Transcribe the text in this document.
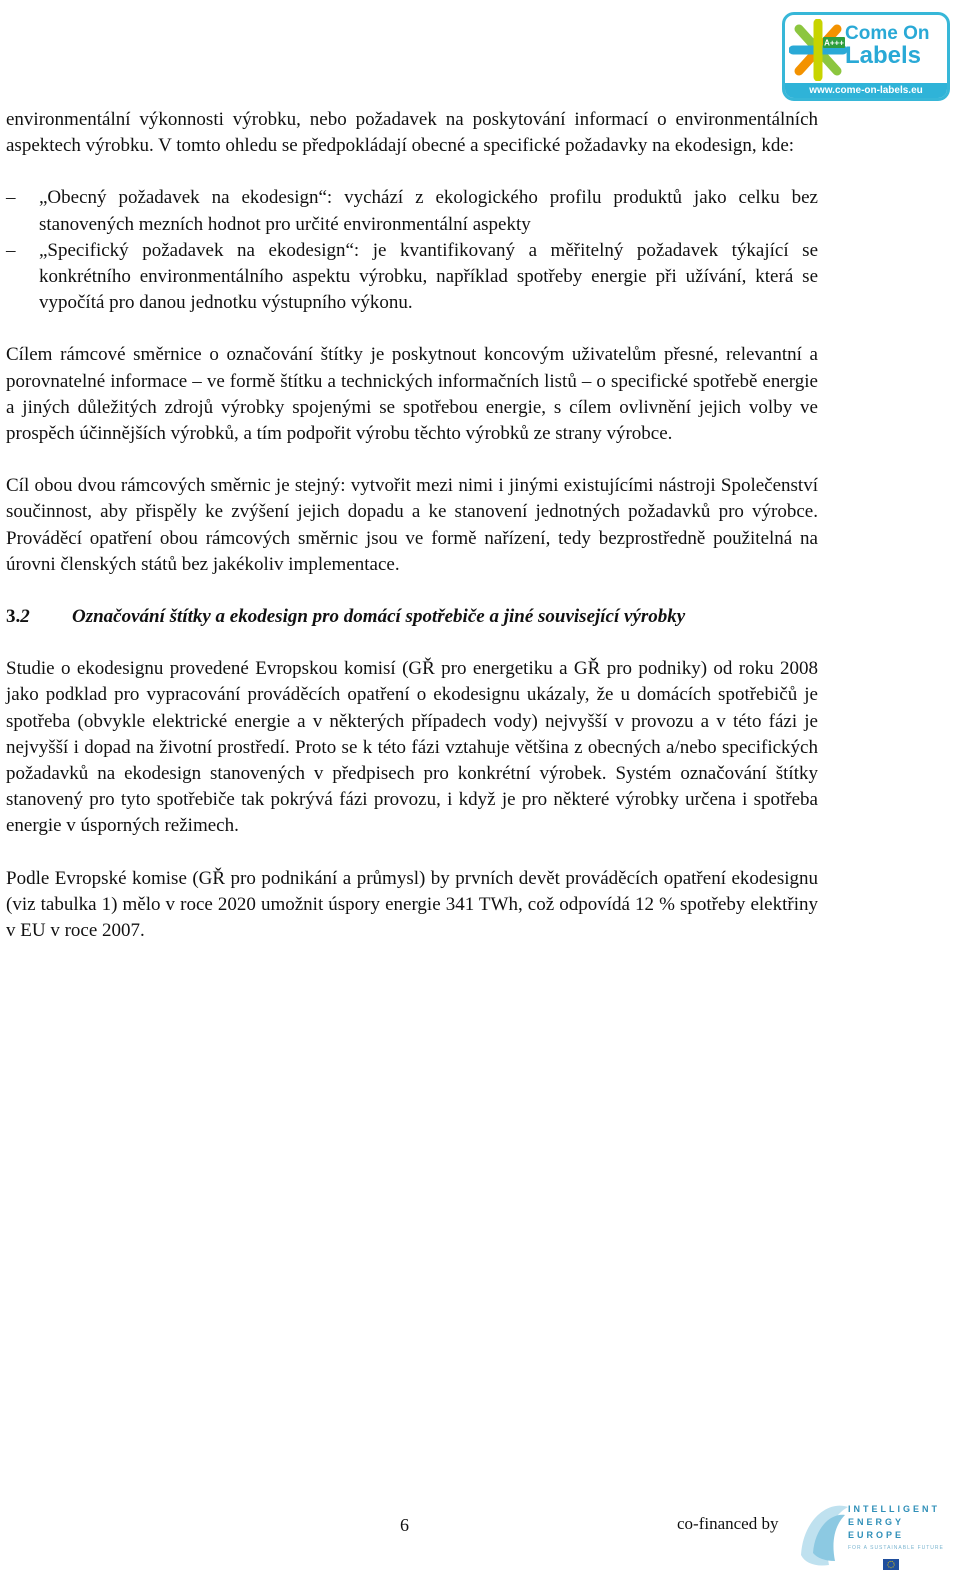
A+++ Come On
Labels
www.come-on-labels.eu

environmentální výkonnosti výrobku, nebo požadavek na poskytování informací o environmentálních aspektech výrobku. V tomto ohledu se předpokládají obecné a specifické požadavky na ekodesign, kde:

– „Obecný požadavek na ekodesign“: vychází z ekologického profilu produktů jako celku bez stanovených mezních hodnot pro určité environmentální aspekty
– „Specifický požadavek na ekodesign“: je kvantifikovaný a měřitelný požadavek týkající se konkrétního environmentálního aspektu výrobku, například spotřeby energie při užívání, která se vypočítá pro danou jednotku výstupního výkonu.

Cílem rámcové směrnice o označování štítky je poskytnout koncovým uživatelům přesné, relevantní a porovnatelné informace – ve formě štítku a technických informačních listů – o specifické spotřebě energie a jiných důležitých zdrojů výrobky spojenými se spotřebou energie, s cílem ovlivnění jejich volby ve prospěch účinnějších výrobků, a tím podpořit výrobu těchto výrobků ze strany výrobce.

Cíl obou dvou rámcových směrnic je stejný: vytvořit mezi nimi i jinými existujícími nástroji Společenství součinnost, aby přispěly ke zvýšení jejich dopadu a ke stanovení jednotných požadavků pro výrobce. Prováděcí opatření obou rámcových směrnic jsou ve formě nařízení, tedy bezprostředně použitelná na úrovni členských států bez jakékoliv implementace.

3.2 Označování štítky a ekodesign pro domácí spotřebiče a jiné související výrobky

Studie o ekodesignu provedené Evropskou komisí (GŘ pro energetiku a GŘ pro podniky) od roku 2008 jako podklad pro vypracování prováděcích opatření o ekodesignu ukázaly, že u domácích spotřebičů je spotřeba (obvykle elektrické energie a v některých případech vody) nejvyšší v provozu a v této fázi je nejvyšší i dopad na životní prostředí. Proto se k této fázi vztahuje většina z obecných a/nebo specifických požadavků na ekodesign stanovených v předpisech pro konkrétní výrobek. Systém označování štítky stanovený pro tyto spotřebiče tak pokrývá fázi provozu, i když je pro některé výrobky určena i spotřeba energie v úsporných režimech.

Podle Evropské komise (GŘ pro podnikání a průmysl) by prvních devět prováděcích opatření ekodesignu (viz tabulka 1) mělo v roce 2020 umožnit úspory energie 341 TWh, což odpovídá 12 % spotřeby elektřiny v EU v roce 2007.

6	co-financed by
INTELLIGENT
ENERGY
EUROPE
FOR A SUSTAINABLE FUTURE
